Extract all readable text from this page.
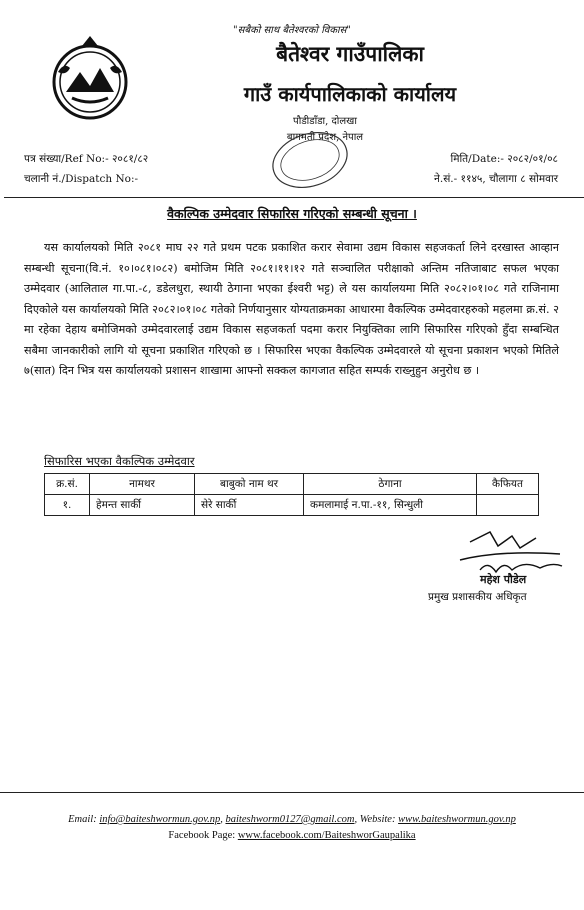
"सबैको साथ बैतेश्वरको विकास"
बैतेश्वर गाउँपालिका
गाउँ कार्यपालिकाको कार्यालय
पौडीडाँडा, दोलखा
बागमती प्रदेश, नेपाल
पत्र संख्या/Ref No:- २०८१/८२
चलानी नं./Dispatch No:-
मिति/Date:- २०८२/०१/०८
ने.सं.- ११४५, चौलागा ८ सोमवार
वैकल्पिक उम्मेदवार सिफारिस गरिएको सम्बन्धी सूचना ।
यस कार्यालयको मिति २०८१ माघ २२ गते प्रथम पटक प्रकाशित करार सेवामा उद्यम विकास सहजकर्ता लिने दरखास्त आव्हान सम्बन्धी सूचना(वि.नं. १०।०८१।०८२) बमोजिम मिति २०८१।११।१२ गते सञ्चालित परीक्षाको अन्तिम नतिजाबाट सफल भएका उम्मेदवार (आलिताल गा.पा.-८, डडेलधुरा, स्थायी ठेगाना भएका ईश्वरी भट्ट) ले यस कार्यालयमा मिति २०८२।०१।०८ गते राजिनामा दिएकोले यस कार्यालयको मिति २०८२।०१।०८ गतेको निर्णयानुसार योग्यताक्रमका आधारमा वैकल्पिक उम्मेदवारहरुको महलमा क्र.सं. २ मा रहेका देहाय बमोजिमको उम्मेदवारलाई उद्यम विकास सहजकर्ता पदमा करार नियुक्तिका लागि सिफारिस गरिएको हुँदा सम्बन्धित सबैमा जानकारीको लागि यो सूचना प्रकाशित गरिएको छ । सिफारिस भएका वैकल्पिक उम्मेदवारले यो सूचना प्रकाशन भएको मितिले ७(सात) दिन भित्र यस कार्यालयको प्रशासन शाखामा आफ्नो सक्कल कागजात सहित सम्पर्क राख्नुहुन अनुरोध छ ।
सिफारिस भएका वैकल्पिक उम्मेदवार
क्र.सं.	नामथर	बाबुको नाम थर	ठेगाना	कैफियत
१.	हेमन्त सार्की	सेरे सार्की	कमलामाई न.पा.-११, सिन्धुली	
महेश पौडेल
प्रमुख प्रशासकीय अधिकृत
Email: info@baiteshwormun.gov.np, baiteshworm0127@gmail.com, Website: www.baiteshwormun.gov.np
Facebook Page: www.facebook.com/BaiteshworGaupalika
